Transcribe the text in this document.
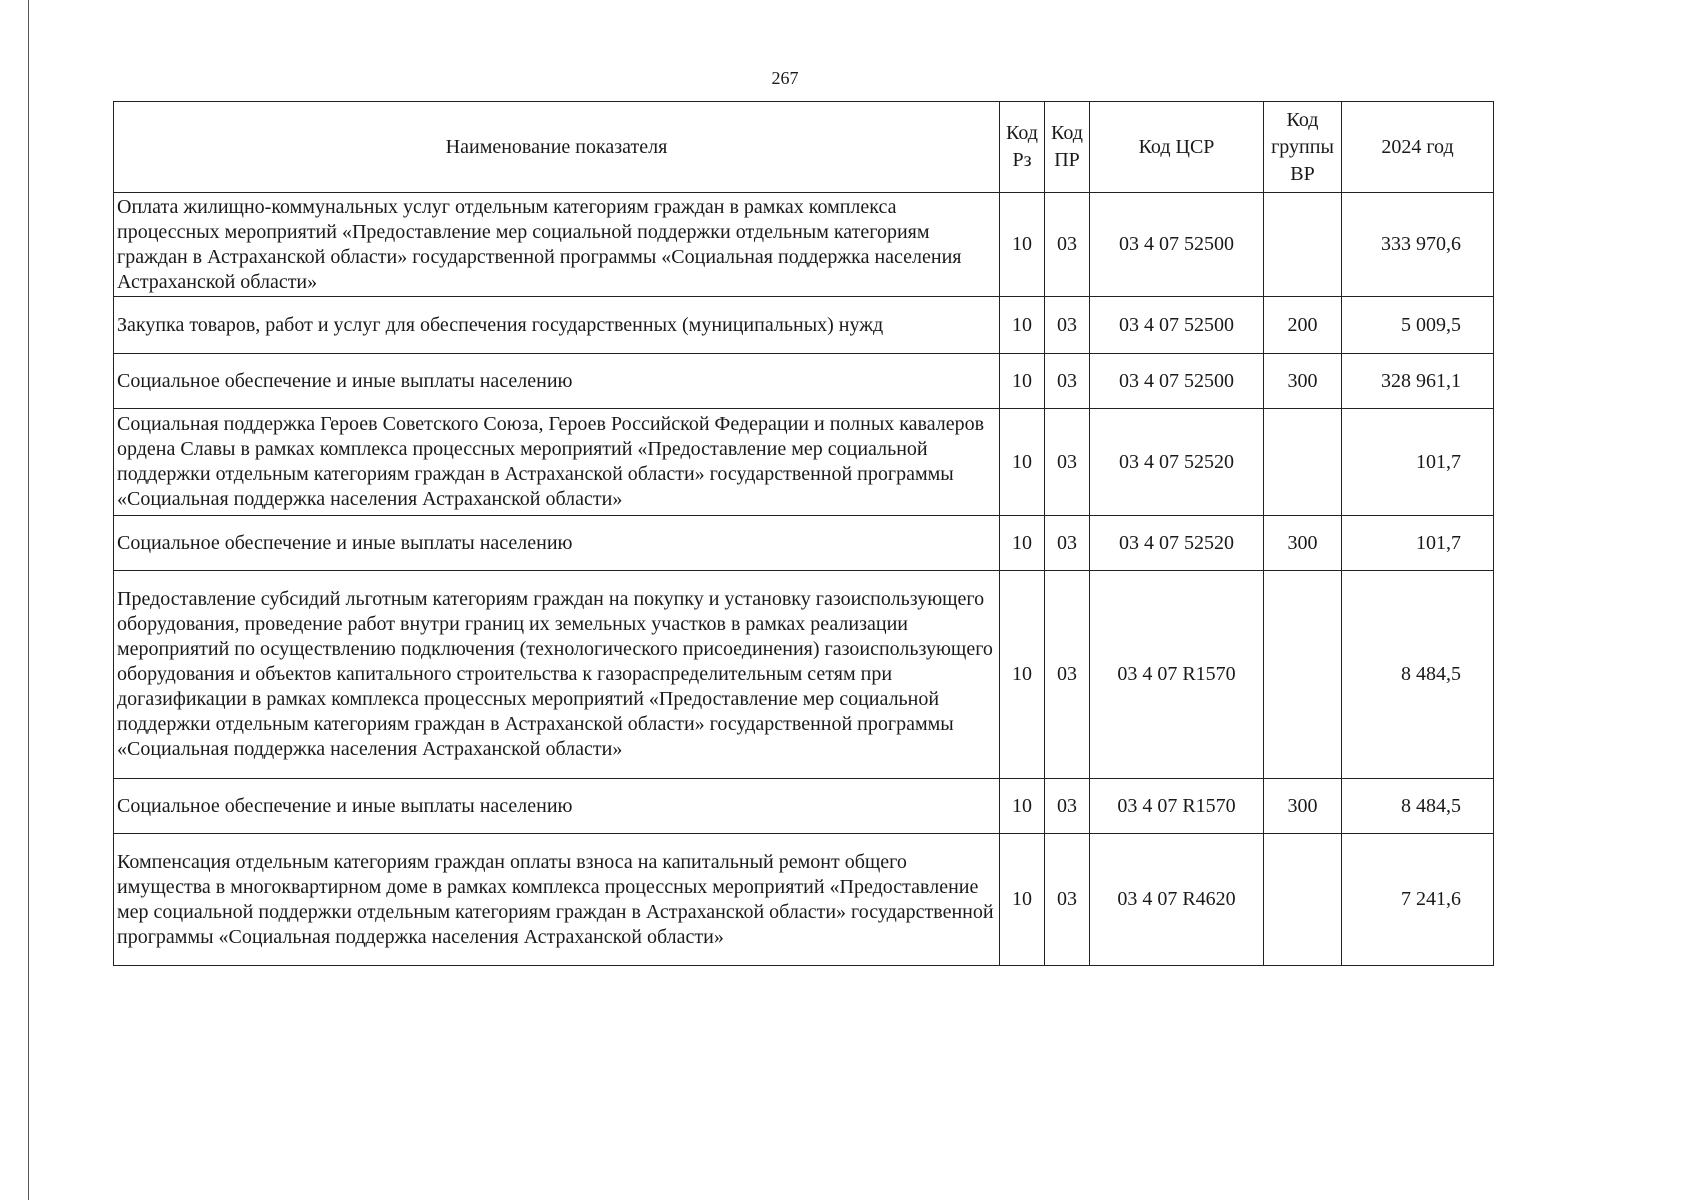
267
Наименование показателя	Код Рз	Код ПР	Код ЦСР	Код группы ВР	2024 год
Оплата жилищно-коммунальных услуг отдельным категориям граждан в рамках комплекса процессных мероприятий «Предоставление мер социальной поддержки отдельным категориям граждан в Астраханской области» государственной программы «Социальная поддержка населения Астраханской области»	10	03	03 4 07 52500		333 970,6
Закупка товаров, работ и услуг для обеспечения государственных (муниципальных) нужд	10	03	03 4 07 52500	200	5 009,5
Социальное обеспечение и иные выплаты населению	10	03	03 4 07 52500	300	328 961,1
Социальная поддержка Героев Советского Союза, Героев Российской Федерации и полных кавалеров ордена Славы в рамках комплекса процессных мероприятий «Предоставление мер социальной поддержки отдельным категориям граждан в Астраханской области» государственной программы «Социальная поддержка населения Астраханской области»	10	03	03 4 07 52520		101,7
Социальное обеспечение и иные выплаты населению	10	03	03 4 07 52520	300	101,7
Предоставление субсидий льготным категориям граждан на покупку и установку газоиспользующего оборудования, проведение работ внутри границ их земельных участков в рамках реализации мероприятий по осуществлению подключения (технологического присоединения) газоиспользующего оборудования и объектов капитального строительства к газораспределительным сетям при догазификации в рамках комплекса процессных мероприятий «Предоставление мер социальной поддержки отдельным категориям граждан в Астраханской области» государственной программы «Социальная поддержка населения Астраханской области»	10	03	03 4 07 R1570		8 484,5
Социальное обеспечение и иные выплаты населению	10	03	03 4 07 R1570	300	8 484,5
Компенсация отдельным категориям граждан оплаты взноса на капитальный ремонт общего имущества в многоквартирном доме в рамках комплекса процессных мероприятий «Предоставление мер социальной поддержки отдельным категориям граждан в Астраханской области» государственной программы «Социальная поддержка населения Астраханской области»	10	03	03 4 07 R4620		7 241,6
